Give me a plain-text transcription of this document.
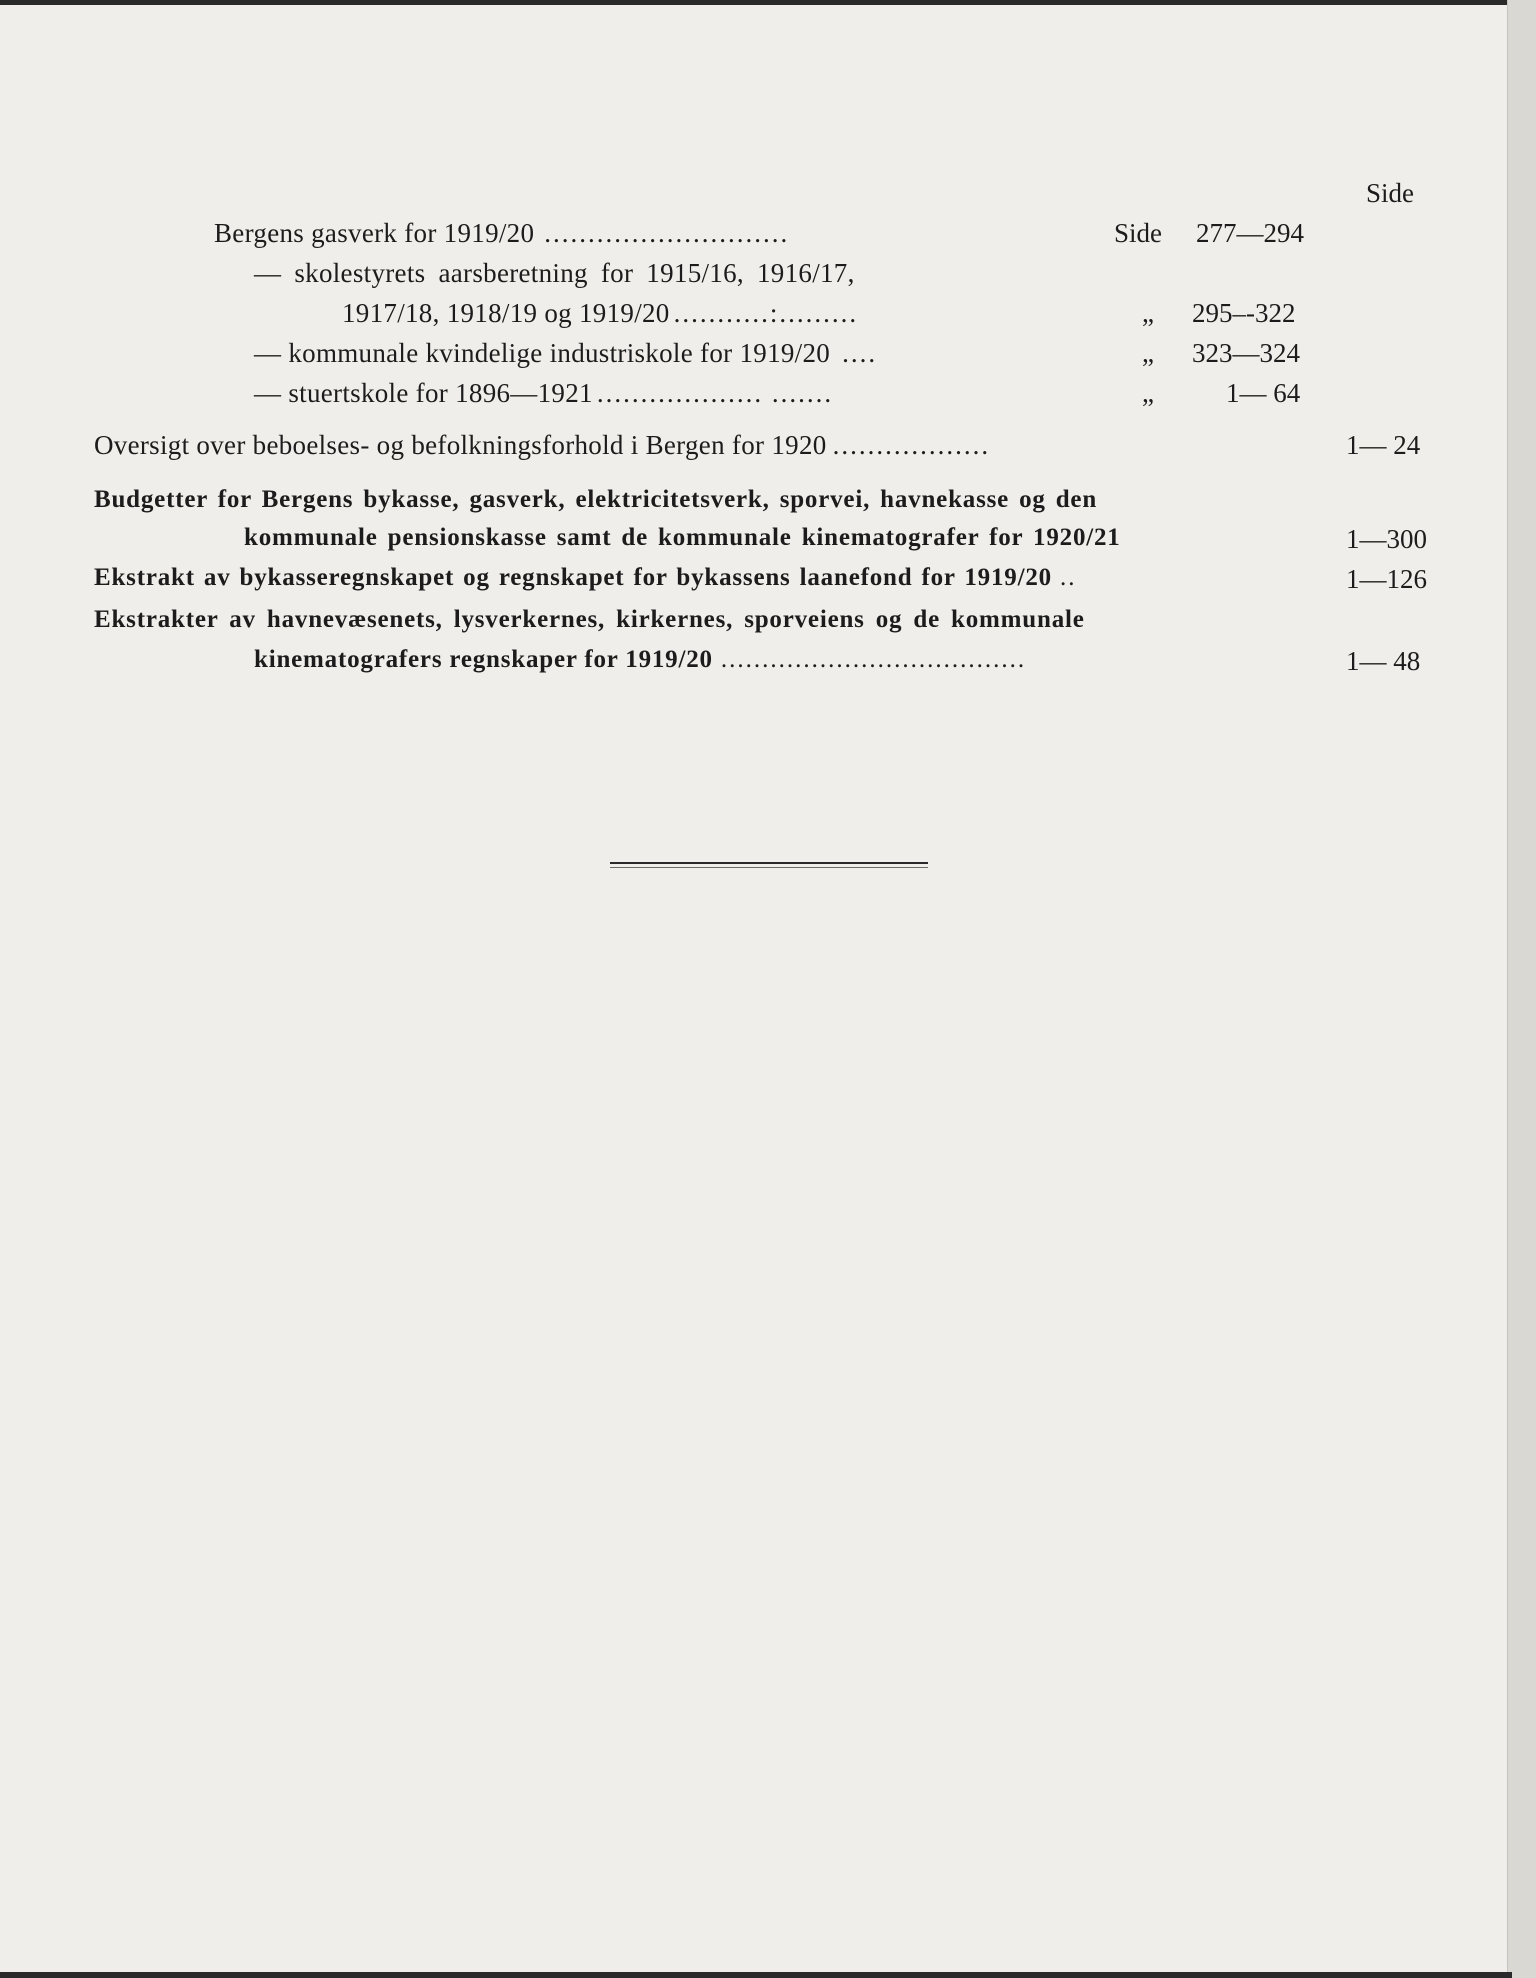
Side
Bergens gasverk for 1919/20 ............................	Side 277—294
— skolestyrets aarsberetning for 1915/16, 1916/17,
1917/18, 1918/19 og 1919/20 ...........:.........	„ 295–-322
— kommunale kvindelige industriskole for 1919/20 ....	„ 323—324
— stuertskole for 1896—1921 ................... .......	„	1— 64
Oversigt over beboelses- og befolkningsforhold i Bergen for 1920 ..................	1— 24
Budgetter for Bergens bykasse, gasverk, elektricitetsverk, sporvei, havnekasse og den
kommunale pensionskasse samt de kommunale kinematografer for 1920/21	1—300
Ekstrakt av bykasseregnskapet og regnskapet for bykassens laanefond for 1919/20 ..	1—126
Ekstrakter av havnevæsenets, lysverkernes, kirkernes, sporveiens og de kommunale
kinematografers regnskaper for 1919/20 .....................................	1— 48
